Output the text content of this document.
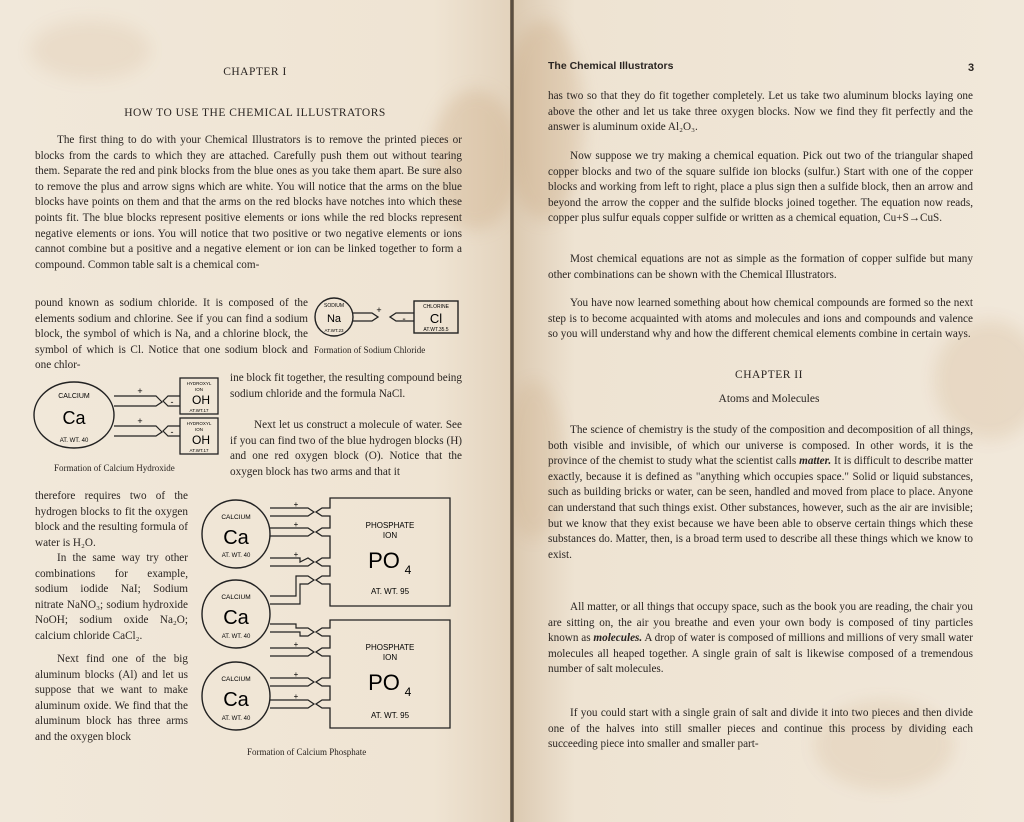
CHAPTER I
HOW TO USE THE CHEMICAL ILLUSTRATORS
The first thing to do with your Chemical Illustrators is to remove the printed pieces or blocks from the cards to which they are attached. Carefully push them out without tearing them. Separate the red and pink blocks from the blue ones as you take them apart. Be sure also to remove the plus and arrow signs which are white. You will notice that the arms on the blue blocks have points on them and that the arms on the red blocks have notches into which these points fit. The blue blocks represent positive elements or ions while the red blocks represent negative elements or ions. You will notice that two positive or two negative elements or ions cannot combine but a positive and a negative element or ion can be linked together to form a compound. Common table salt is a chemical com-
pound known as sodium chloride. It is composed of the elements sodium and chlorine. See if you can find a sodium block, the symbol of which is Na, and a chlorine block, the symbol of which is Cl. Notice that one sodium block and one chlor-
SODIUM
Na
AT.WT.23
CHLORINE
Cl
AT.WT.35.5
+
-
Formation of Sodium Chloride
CALCIUM
Ca
AT. WT. 40
HYDROXYL
ION
OH
AT.WT.17
HYDROXYL
ION
OH
AT.WT.17
+
+
-
-
Formation of Calcium Hydroxide
ine block fit together, the resulting compound being sodium chloride and the formula NaCl.
Next let us construct a molecule of water. See if you can find two of the blue hydrogen blocks (H) and one red oxygen block (O). Notice that the oxygen block has two arms and that it
therefore requires two of the hydrogen blocks to fit the oxygen block and the resulting formula of water is H₂O.
In the same way try other combinations for example, sodium iodide NaI; Sodium nitrate NaNO₃; sodium hydroxide NoOH; sodium oxide Na₂O; calcium chloride CaCl₂.
Next find one of the big aluminum blocks (Al) and let us suppose that we want to make aluminum oxide. We find that the aluminum block has three arms and the oxygen block
CALCIUM
Ca
AT. WT. 40
CALCIUM
Ca
AT. WT. 40
CALCIUM
Ca
AT. WT. 40
PHOSPHATE
ION
PO 4
AT. WT. 95
PHOSPHATE
ION
PO 4
AT. WT. 95
+
+
+
+
+
+
Formation of Calcium Phosphate
The Chemical Illustrators	3
has two so that they do fit together completely. Let us take two aluminum blocks laying one above the other and let us take three oxygen blocks. Now we find they fit perfectly and the answer is aluminum oxide Al₂O₃.
Now suppose we try making a chemical equation. Pick out two of the triangular shaped copper blocks and two of the square sulfide ion blocks (sulfur.) Start with one of the copper blocks and working from left to right, place a plus sign then a sulfide block, then an arrow and beyond the arrow the copper and the sulfide blocks joined together. The equation now reads, copper plus sulfur equals copper sulfide or written as a chemical equation, Cu+S→CuS.
Most chemical equations are not as simple as the formation of copper sulfide but many other combinations can be shown with the Chemical Illustrators.
You have now learned something about how chemical compounds are formed so the next step is to become acquainted with atoms and molecules and ions and compounds and valence so you will understand why and how the different chemical elements combine in certain ways.
CHAPTER II
Atoms and Molecules
The science of chemistry is the study of the composition and decomposition of all things, both visible and invisible, of which our universe is composed. In other words, it is the province of the chemist to study what the scientist calls matter. It is difficult to describe matter exactly, because it is defined as "anything which occupies space." Solid or liquid substances, such as building bricks or water, can be seen, handled and moved from place to place. Anyone can understand that such things exist. Other substances, however, such as the air are invisible; but we know that they exist because we have been able to observe certain things which these substances do. Matter, then, is a broad term used to describe all these things which we know to exist.
All matter, or all things that occupy space, such as the book you are reading, the chair you are sitting on, the air you breathe and even your own body is composed of tiny particles known as molecules. A drop of water is composed of millions and millions of very small water molecules all heaped together. A single grain of salt is likewise composed of a tremendous number of salt molecules.
If you could start with a single grain of salt and divide it into two pieces and then divide one of the halves into still smaller pieces and continue this process by dividing each succeeding piece into smaller and smaller part-
